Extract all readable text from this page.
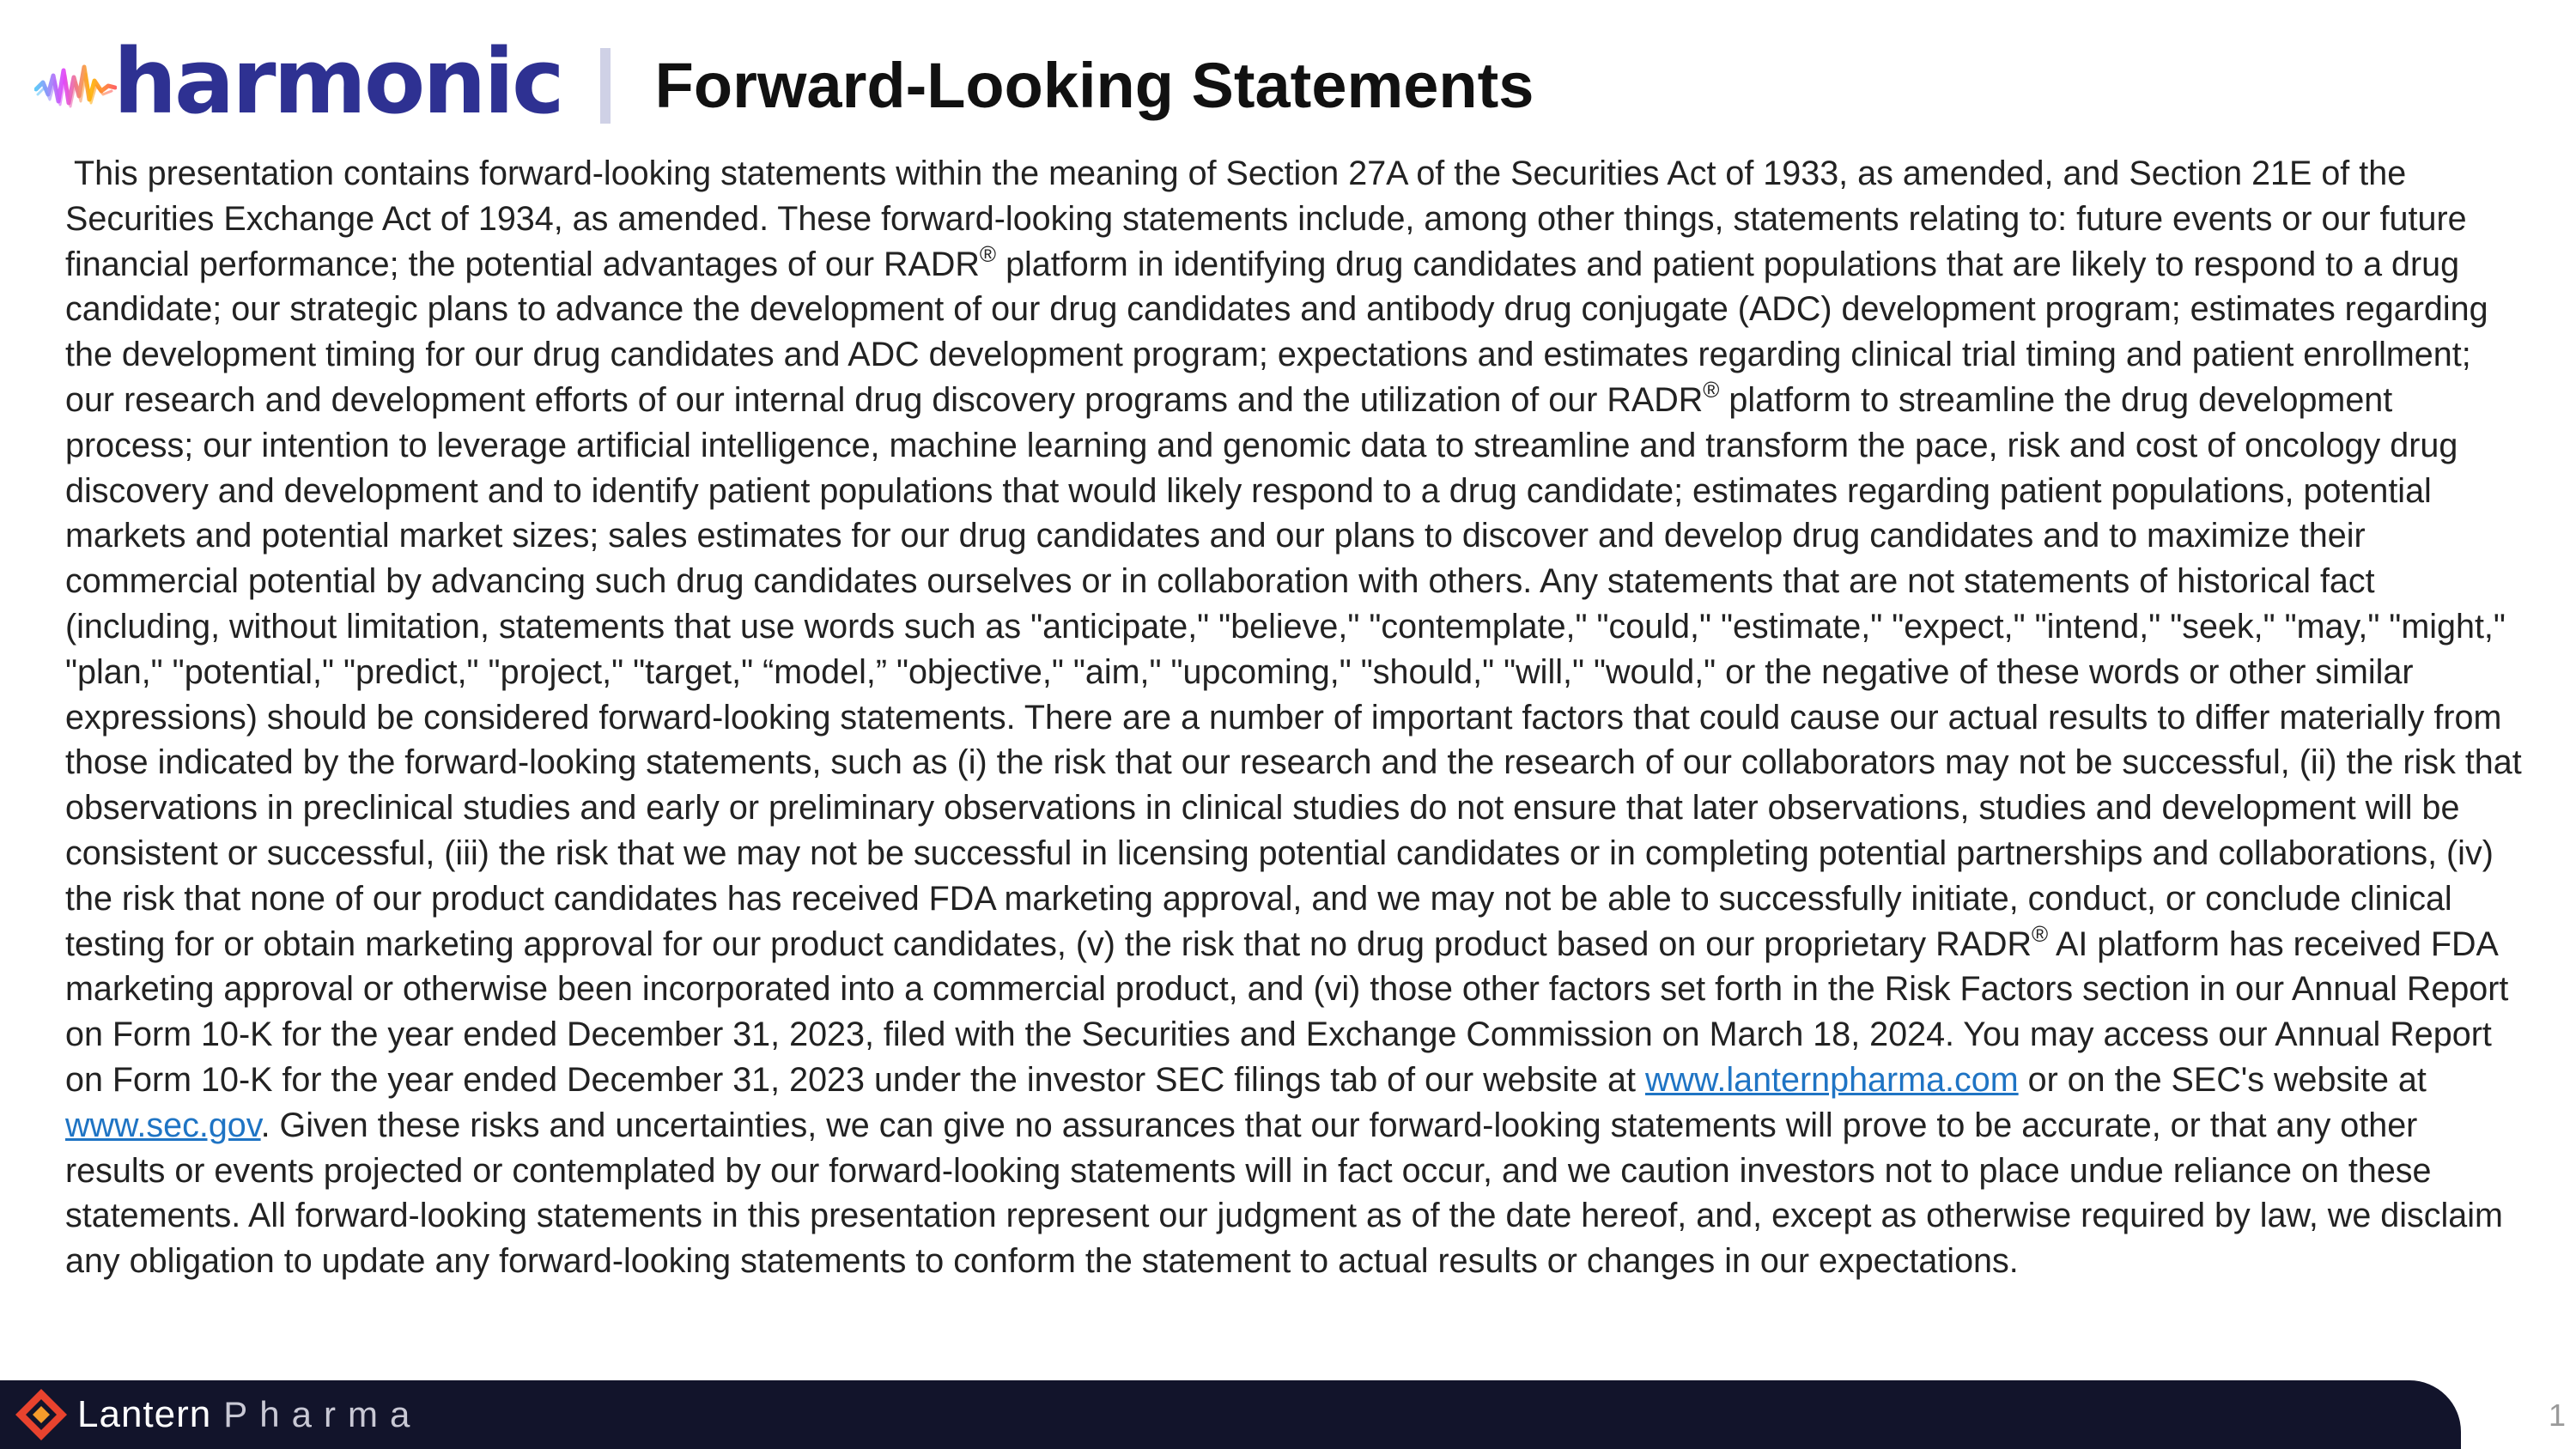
harmonic Forward-Looking Statements

This presentation contains forward-looking statements within the meaning of Section 27A of the Securities Act of 1933, as amended, and Section 21E of the Securities Exchange Act of 1934, as amended. These forward-looking statements include, among other things, statements relating to: future events or our future financial performance; the potential advantages of our RADR® platform in identifying drug candidates and patient populations that are likely to respond to a drug candidate; our strategic plans to advance the development of our drug candidates and antibody drug conjugate (ADC) development program; estimates regarding the development timing for our drug candidates and ADC development program; expectations and estimates regarding clinical trial timing and patient enrollment; our research and development efforts of our internal drug discovery programs and the utilization of our RADR® platform to streamline the drug development process; our intention to leverage artificial intelligence, machine learning and genomic data to streamline and transform the pace, risk and cost of oncology drug discovery and development and to identify patient populations that would likely respond to a drug candidate; estimates regarding patient populations, potential markets and potential market sizes; sales estimates for our drug candidates and our plans to discover and develop drug candidates and to maximize their commercial potential by advancing such drug candidates ourselves or in collaboration with others. Any statements that are not statements of historical fact (including, without limitation, statements that use words such as "anticipate," "believe," "contemplate," "could," "estimate," "expect," "intend," "seek," "may," "might," "plan," "potential," "predict," "project," "target," “model,” "objective," "aim," "upcoming," "should," "will," "would," or the negative of these words or other similar expressions) should be considered forward-looking statements. There are a number of important factors that could cause our actual results to differ materially from those indicated by the forward-looking statements, such as (i) the risk that our research and the research of our collaborators may not be successful, (ii) the risk that observations in preclinical studies and early or preliminary observations in clinical studies do not ensure that later observations, studies and development will be consistent or successful, (iii) the risk that we may not be successful in licensing potential candidates or in completing potential partnerships and collaborations, (iv) the risk that none of our product candidates has received FDA marketing approval, and we may not be able to successfully initiate, conduct, or conclude clinical testing for or obtain marketing approval for our product candidates, (v) the risk that no drug product based on our proprietary RADR® AI platform has received FDA marketing approval or otherwise been incorporated into a commercial product, and (vi) those other factors set forth in the Risk Factors section in our Annual Report on Form 10-K for the year ended December 31, 2023, filed with the Securities and Exchange Commission on March 18, 2024. You may access our Annual Report on Form 10-K for the year ended December 31, 2023 under the investor SEC filings tab of our website at www.lanternpharma.com or on the SEC's website at www.sec.gov. Given these risks and uncertainties, we can give no assurances that our forward-looking statements will prove to be accurate, or that any other results or events projected or contemplated by our forward-looking statements will in fact occur, and we caution investors not to place undue reliance on these statements. All forward-looking statements in this presentation represent our judgment as of the date hereof, and, except as otherwise required by law, we disclaim any obligation to update any forward-looking statements to conform the statement to actual results or changes in our expectations.

Lantern Pharma	1
